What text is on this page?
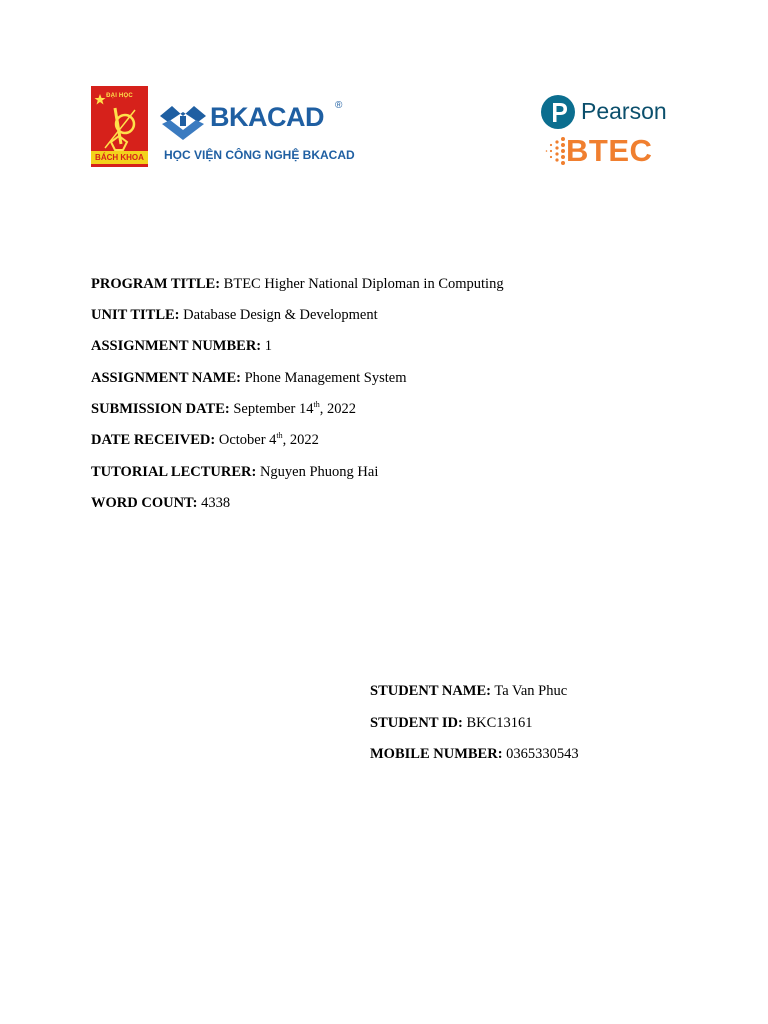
ĐẠI HỌC
BÁCH KHOA
BKACAD ®
HỌC VIỆN CÔNG NGHỆ BKACAD
Pearson
BTEC
PROGRAM TITLE: BTEC Higher National Diploman in Computing
UNIT TITLE: Database Design & Development
ASSIGNMENT NUMBER: 1
ASSIGNMENT NAME: Phone Management System
SUBMISSION DATE: September 14th, 2022
DATE RECEIVED: October 4th, 2022
TUTORIAL LECTURER: Nguyen Phuong Hai
WORD COUNT: 4338
STUDENT NAME: Ta Van Phuc
STUDENT ID: BKC13161
MOBILE NUMBER: 0365330543
